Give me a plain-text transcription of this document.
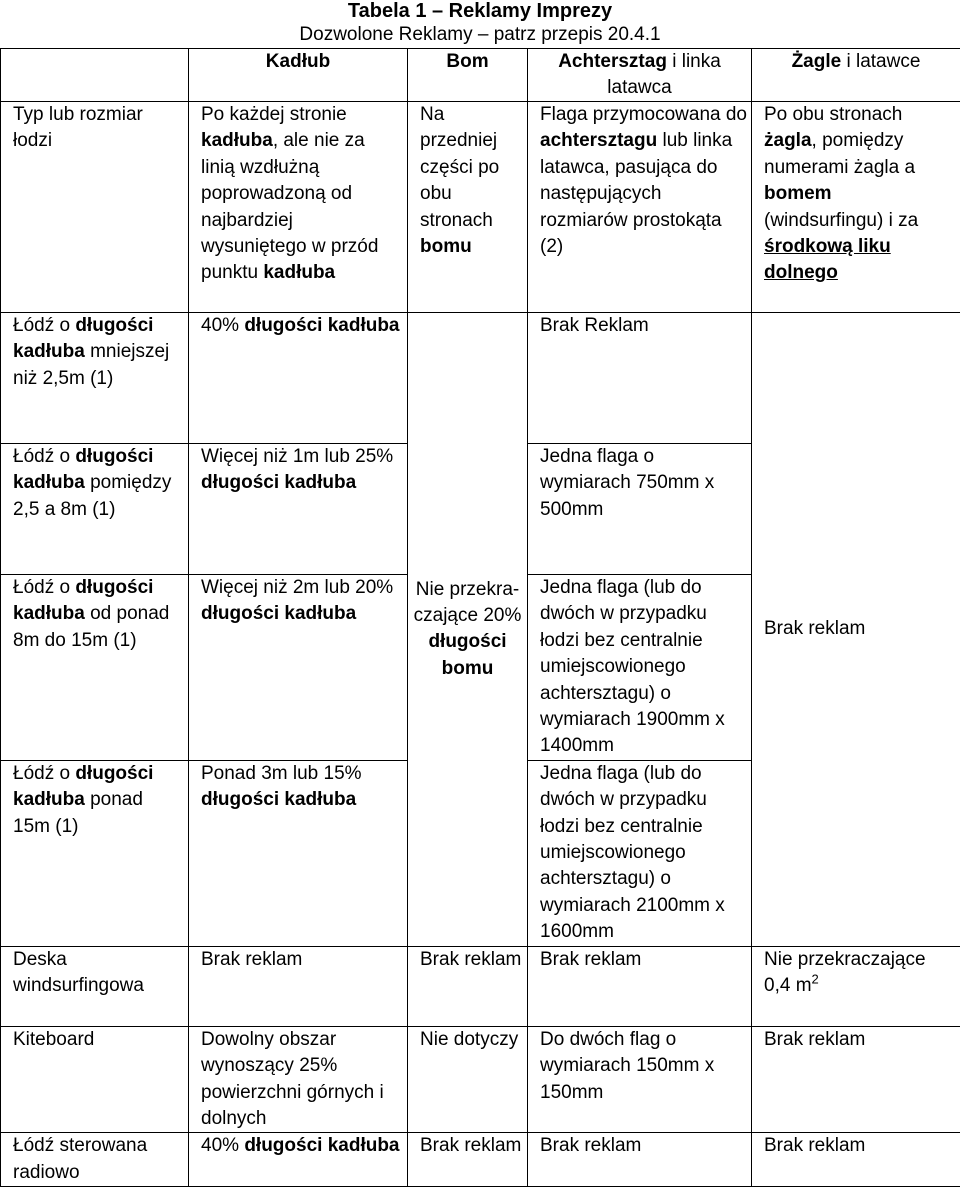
Tabela 1 – Reklamy Imprezy
Dozwolone Reklamy – patrz przepis 20.4.1
	Kadłub	Bom	Achtersztag i linka latawca	Żagle i latawce
Typ lub rozmiar łodzi	Po każdej stronie kadłuba, ale nie za linią wzdłużną poprowadzoną od najbardziej wysuniętego w przód punktu kadłuba	Na przedniej części po obu stronach bomu	Flaga przymocowana do achtersztagu lub linka latawca, pasująca do następujących rozmiarów prostokąta (2)	Po obu stronach żagla, pomiędzy numerami żagla a bomem (windsurfingu) i za środkową liku dolnego
Łódź o długości kadłuba mniejszej niż 2,5m (1)	40% długości kadłuba	Nie przekra-czające 20% długości bomu	Brak Reklam	Brak reklam
Łódź o długości kadłuba pomiędzy 2,5 a 8m (1)	Więcej niż 1m lub 25% długości kadłuba		Jedna flaga o wymiarach 750mm x 500mm	
Łódź o długości kadłuba od ponad 8m do 15m (1)	Więcej niż 2m lub 20% długości kadłuba		Jedna flaga (lub do dwóch w przypadku łodzi bez centralnie umiejscowionego achtersztagu) o wymiarach 1900mm x 1400mm	
Łódź o długości kadłuba ponad 15m (1)	Ponad 3m lub 15% długości kadłuba		Jedna flaga (lub do dwóch w przypadku łodzi bez centralnie umiejscowionego achtersztagu) o wymiarach 2100mm x 1600mm	
Deska windsurfingowa	Brak reklam	Brak reklam	Brak reklam	Nie przekraczające 0,4 $m^2$
Kiteboard	Dowolny obszar wynoszący 25% powierzchni górnych i dolnych	Nie dotyczy	Do dwóch flag o wymiarach 150mm x 150mm	Brak reklam
Łódź sterowana radiowo	40% długości kadłuba	Brak reklam	Brak reklam	Brak reklam
